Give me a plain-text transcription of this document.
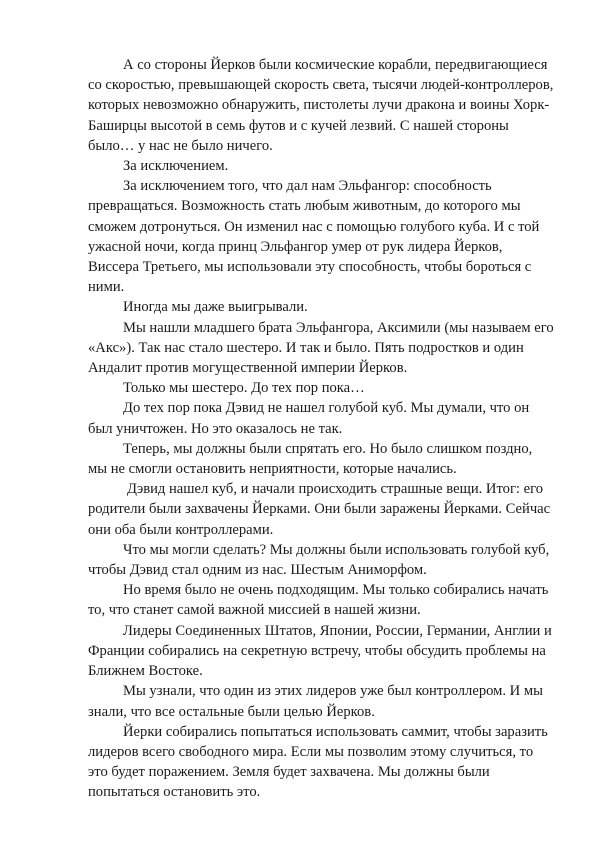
А со стороны Йерков были космические корабли, передвигающиеся со скоростью, превышающей скорость света, тысячи людей-контроллеров, которых невозможно обнаружить, пистолеты лучи дракона и воины Хорк-Баширцы высотой в семь футов и с кучей лезвий. С нашей стороны было… у нас не было ничего.

За исключением.

За исключением того, что дал нам Эльфангор: способность превращаться. Возможность стать любым животным, до которого мы сможем дотронуться. Он изменил нас с помощью голубого куба. И с той ужасной ночи, когда принц Эльфангор умер от рук лидера Йерков, Виссера Третьего, мы использовали эту способность, чтобы бороться с ними.

Иногда мы даже выигрывали.

Мы нашли младшего брата Эльфангора, Аксимили (мы называем его «Акс»). Так нас стало шестеро. И так и было. Пять подростков и один Андалит против могущественной империи Йерков.

Только мы шестеро. До тех пор пока…

До тех пор пока Дэвид не нашел голубой куб. Мы думали, что он был уничтожен. Но это оказалось не так.

Теперь, мы должны были спрятать его. Но было слишком поздно, мы не смогли остановить неприятности, которые начались.

Дэвид нашел куб, и начали происходить страшные вещи. Итог: его родители были захвачены Йерками. Они были заражены Йерками. Сейчас они оба были контроллерами.

Что мы могли сделать? Мы должны были использовать голубой куб, чтобы Дэвид стал одним из нас. Шестым Аниморфом.

Но время было не очень подходящим. Мы только собирались начать то, что станет самой важной миссией в нашей жизни.

Лидеры Соединенных Штатов, Японии, России, Германии, Англии и Франции собирались на секретную встречу, чтобы обсудить проблемы на Ближнем Востоке.

Мы узнали, что один из этих лидеров уже был контроллером. И мы знали, что все остальные были целью Йерков.

Йерки собирались попытаться использовать саммит, чтобы заразить лидеров всего свободного мира. Если мы позволим этому случиться, то это будет поражением. Земля будет захвачена. Мы должны были попытаться остановить это.
